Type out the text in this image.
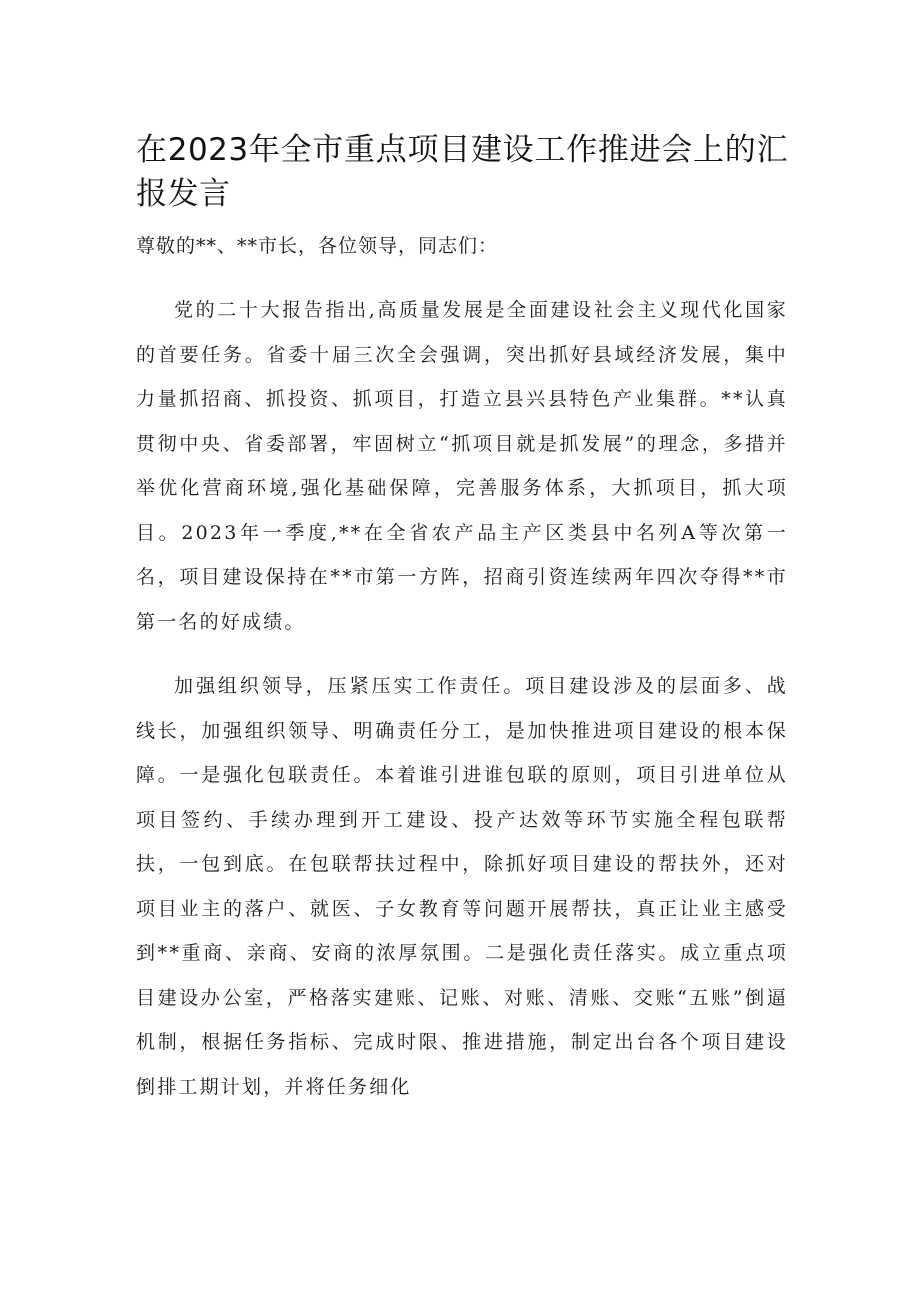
在2023年全市重点项目建设工作推进会上的汇报发言

尊敬的**、**市长，各位领导，同志们：

党的二十大报告指出,高质量发展是全面建设社会主义现代化国家的首要任务。省委十届三次全会强调，突出抓好县域经济发展，集中力量抓招商、抓投资、抓项目，打造立县兴县特色产业集群。**认真贯彻中央、省委部署，牢固树立“抓项目就是抓发展”的理念，多措并举优化营商环境,强化基础保障，完善服务体系，大抓项目，抓大项目。2023年一季度,**在全省农产品主产区类县中名列A等次第一名，项目建设保持在**市第一方阵，招商引资连续两年四次夺得**市第一名的好成绩。

加强组织领导，压紧压实工作责任。项目建设涉及的层面多、战线长，加强组织领导、明确责任分工，是加快推进项目建设的根本保障。一是强化包联责任。本着谁引进谁包联的原则，项目引进单位从项目签约、手续办理到开工建设、投产达效等环节实施全程包联帮扶，一包到底。在包联帮扶过程中，除抓好项目建设的帮扶外，还对项目业主的落户、就医、子女教育等问题开展帮扶，真正让业主感受到**重商、亲商、安商的浓厚氛围。二是强化责任落实。成立重点项目建设办公室，严格落实建账、记账、对账、清账、交账“五账”倒逼机制，根据任务指标、完成时限、推进措施，制定出台各个项目建设倒排工期计划，并将任务细化
